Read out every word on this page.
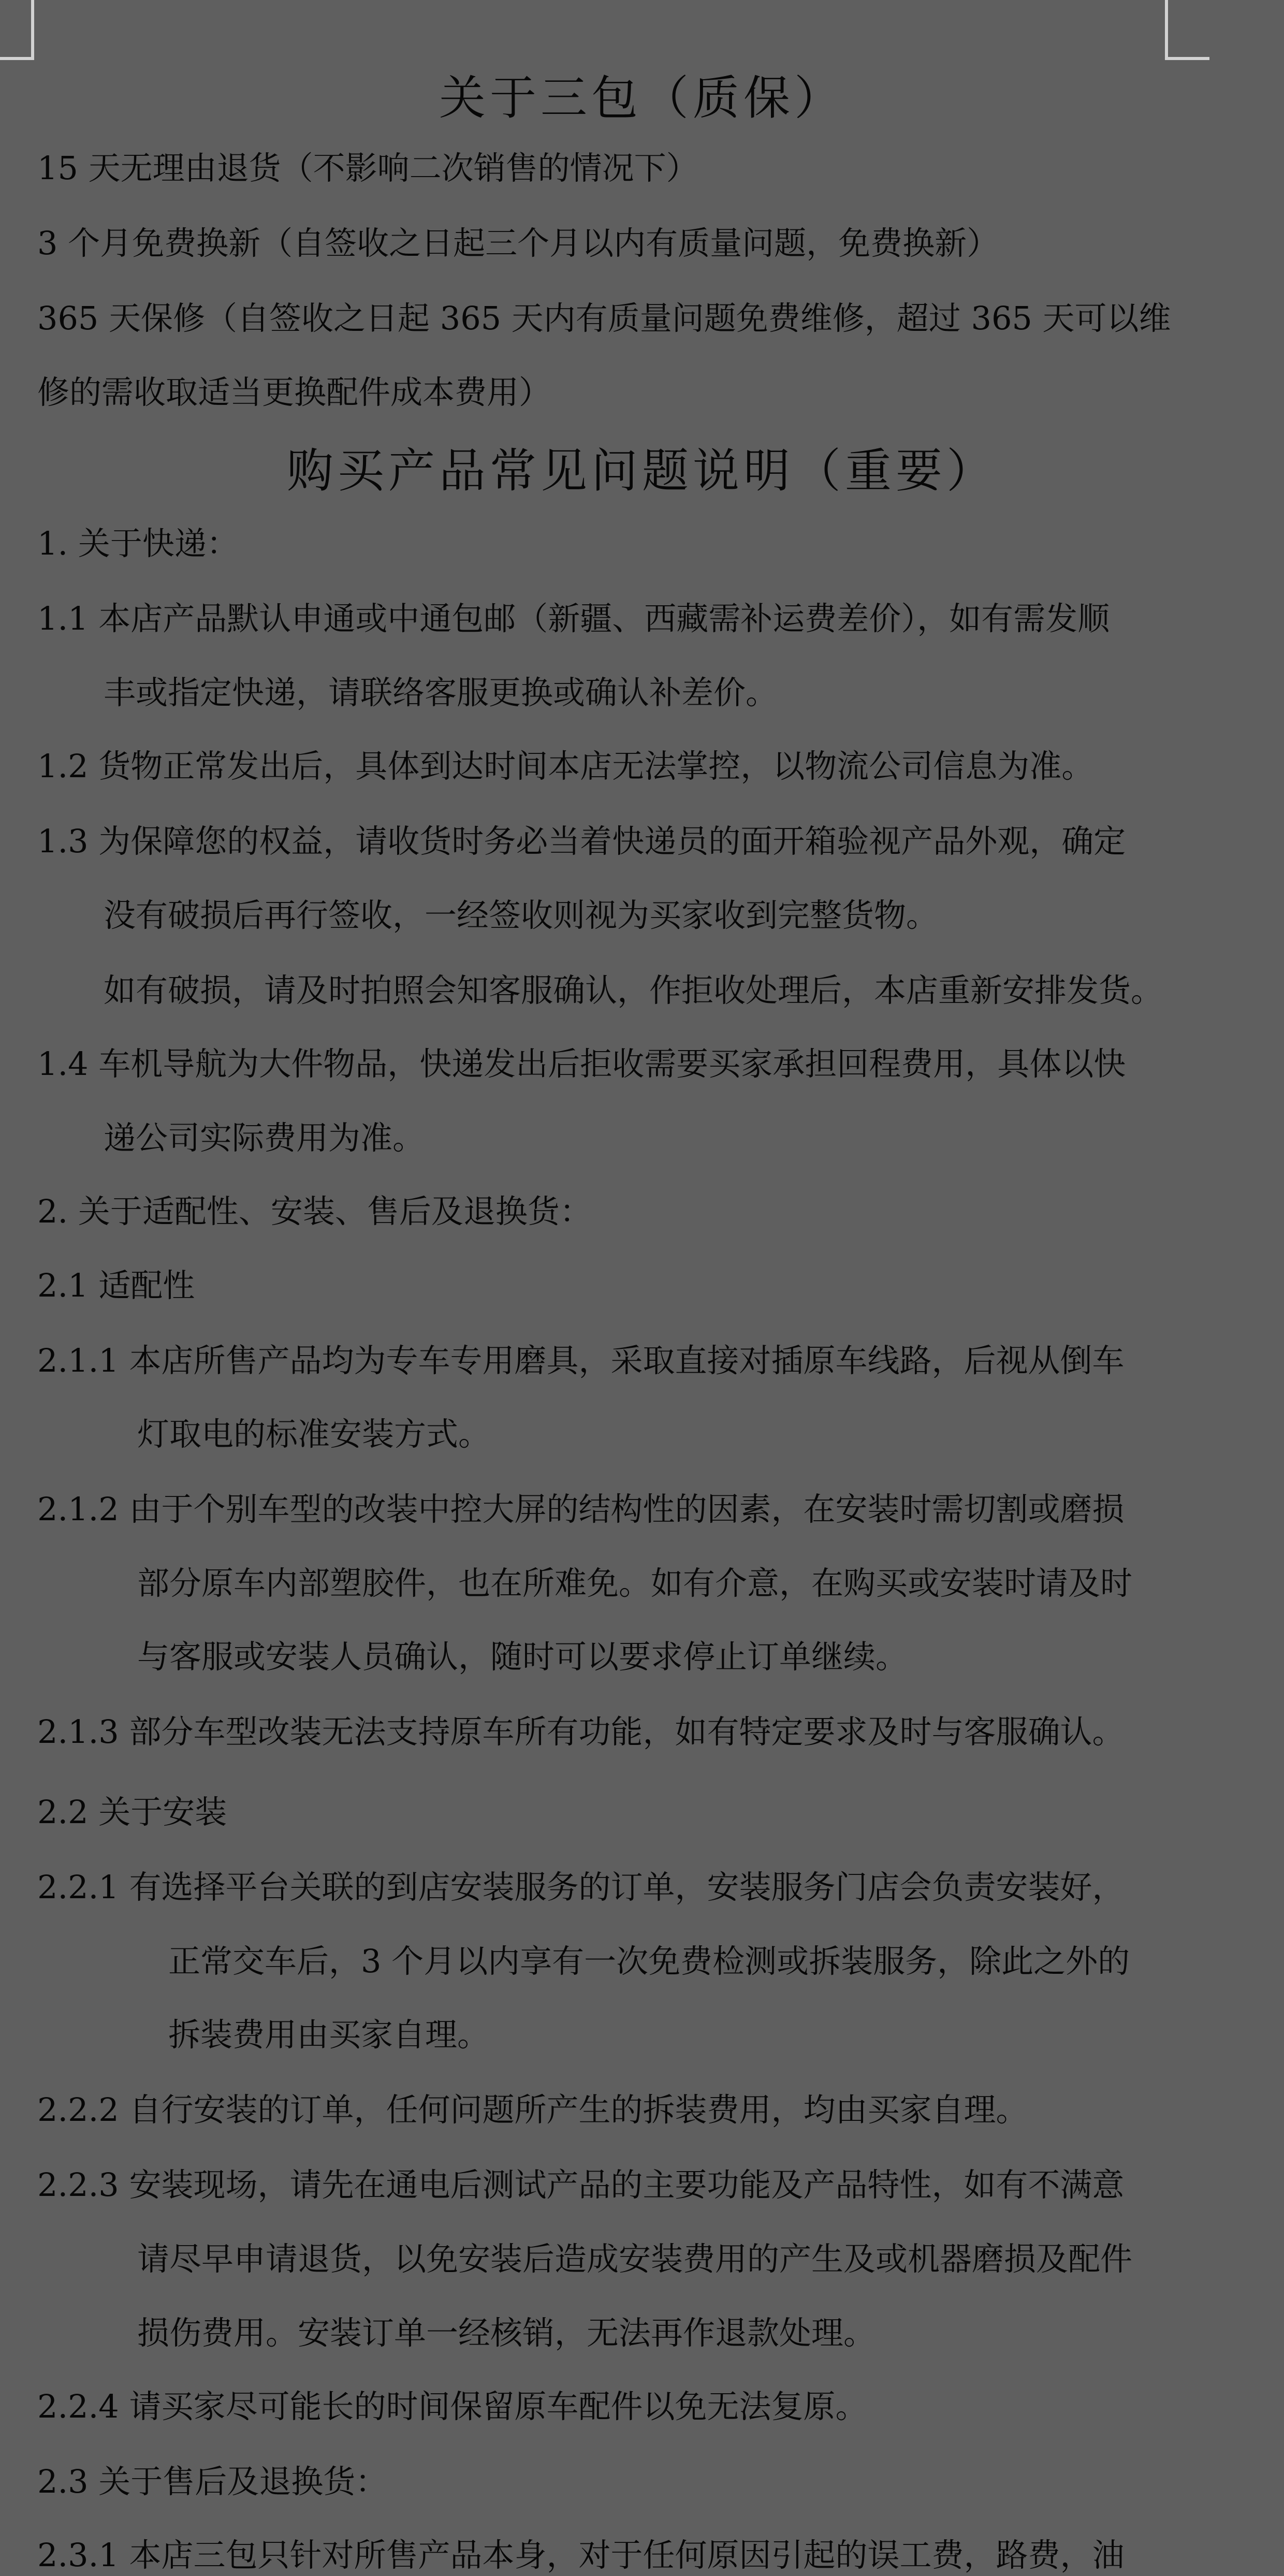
关于三包（质保）
15 天无理由退货（不影响二次销售的情况下）
3 个月免费换新（自签收之日起三个月以内有质量问题，免费换新）
365 天保修（自签收之日起 365 天内有质量问题免费维修，超过 365 天可以维
修的需收取适当更换配件成本费用）
购买产品常见问题说明（重要）
1. 关于快递：
1.1 本店产品默认申通或中通包邮（新疆、西藏需补运费差价），如有需发顺
丰或指定快递，请联络客服更换或确认补差价。
1.2 货物正常发出后，具体到达时间本店无法掌控，以物流公司信息为准。
1.3 为保障您的权益，请收货时务必当着快递员的面开箱验视产品外观，确定
没有破损后再行签收，一经签收则视为买家收到完整货物。
如有破损，请及时拍照会知客服确认，作拒收处理后，本店重新安排发货。
1.4 车机导航为大件物品，快递发出后拒收需要买家承担回程费用，具体以快
递公司实际费用为准。
2. 关于适配性、安装、售后及退换货：
2.1 适配性
2.1.1 本店所售产品均为专车专用磨具，采取直接对插原车线路，后视从倒车
灯取电的标准安装方式。
2.1.2 由于个别车型的改装中控大屏的结构性的因素，在安装时需切割或磨损
部分原车内部塑胶件，也在所难免。如有介意，在购买或安装时请及时
与客服或安装人员确认，随时可以要求停止订单继续。
2.1.3 部分车型改装无法支持原车所有功能，如有特定要求及时与客服确认。
2.2 关于安装
2.2.1 有选择平台关联的到店安装服务的订单，安装服务门店会负责安装好，
正常交车后，3 个月以内享有一次免费检测或拆装服务，除此之外的
拆装费用由买家自理。
2.2.2 自行安装的订单，任何问题所产生的拆装费用，均由买家自理。
2.2.3 安装现场，请先在通电后测试产品的主要功能及产品特性，如有不满意
请尽早申请退货，以免安装后造成安装费用的产生及或机器磨损及配件
损伤费用。安装订单一经核销，无法再作退款处理。
2.2.4 请买家尽可能长的时间保留原车配件以免无法复原。
2.3 关于售后及退换货：
2.3.1 本店三包只针对所售产品本身，对于任何原因引起的误工费，路费，油
